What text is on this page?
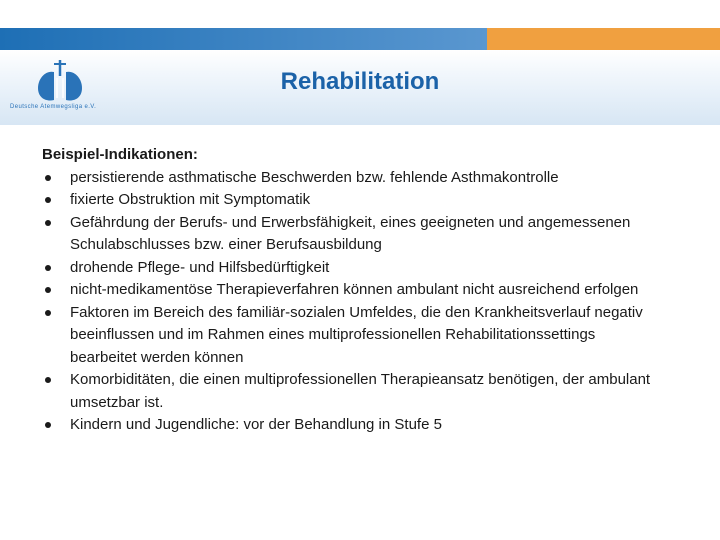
Deutsche Atemwegsliga e.V.
Rehabilitation
Beispiel-Indikationen:
persistierende asthmatische Beschwerden bzw. fehlende Asthmakontrolle
fixierte Obstruktion mit Symptomatik
Gefährdung der Berufs- und Erwerbsfähigkeit, eines geeigneten und angemessenen Schulabschlusses bzw. einer Berufsausbildung
drohende Pflege- und Hilfsbedürftigkeit
nicht-medikamentöse Therapieverfahren können ambulant nicht ausreichend erfolgen
Faktoren im Bereich des familiär-sozialen Umfeldes, die den Krankheitsverlauf negativ beeinflussen und im Rahmen eines multiprofessionellen Rehabilitationssettings bearbeitet werden können
Komorbiditäten, die einen multiprofessionellen Therapieansatz benötigen, der ambulant umsetzbar ist.
Kindern und Jugendliche: vor der Behandlung in Stufe 5
